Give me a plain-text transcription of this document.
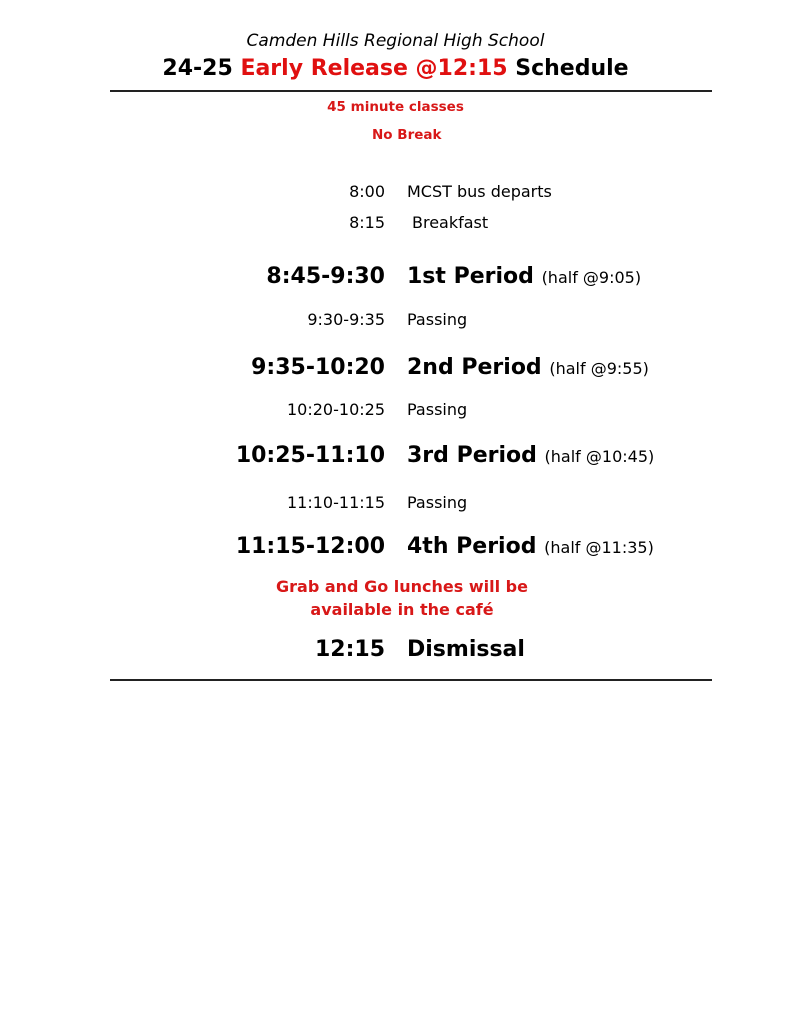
Camden Hills Regional High School
24-25 Early Release @12:15 Schedule
45 minute classes
No Break
8:00 MCST bus departs
8:15 Breakfast
8:45-9:30 1st Period (half @9:05)
9:30-9:35 Passing
9:35-10:20 2nd Period (half @9:55)
10:20-10:25 Passing
10:25-11:10 3rd Period (half @10:45)
11:10-11:15 Passing
11:15-12:00 4th Period (half @11:35)
Grab and Go lunches will be
available in the café
12:15 Dismissal
